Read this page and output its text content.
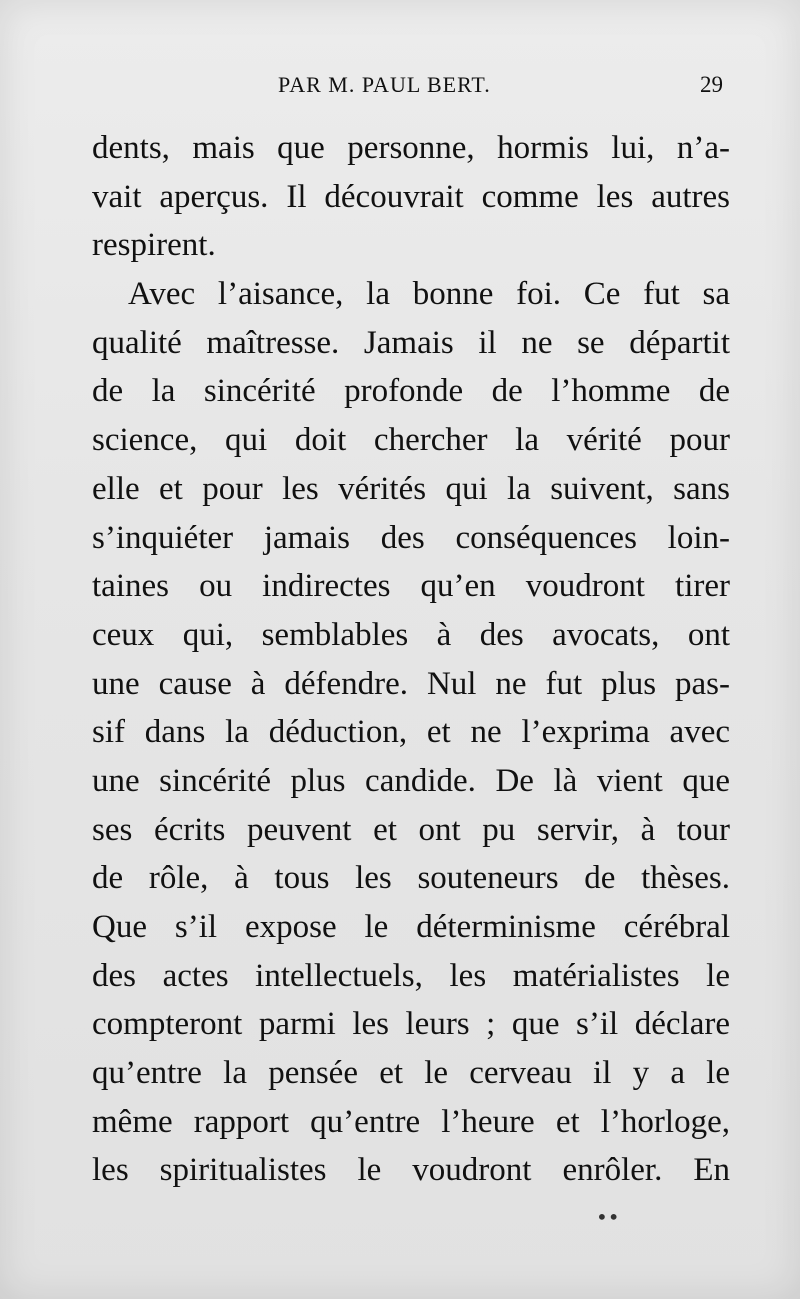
PAR M. PAUL BERT.	29
dents, mais que personne, hormis lui, n’a-
vait aperçus. Il découvrait comme les autres
respirent.
Avec l’aisance, la bonne foi. Ce fut sa
qualité maîtresse. Jamais il ne se départit
de la sincérité profonde de l’homme de
science, qui doit chercher la vérité pour
elle et pour les vérités qui la suivent, sans
s’inquiéter jamais des conséquences loin-
taines ou indirectes qu’en voudront tirer
ceux qui, semblables à des avocats, ont
une cause à défendre. Nul ne fut plus pas-
sif dans la déduction, et ne l’exprima avec
une sincérité plus candide. De là vient que
ses écrits peuvent et ont pu servir, à tour
de rôle, à tous les souteneurs de thèses.
Que s’il expose le déterminisme cérébral
des actes intellectuels, les matérialistes le
compteront parmi les leurs ; que s’il déclare
qu’entre la pensée et le cerveau il y a le
même rapport qu’entre l’heure et l’horloge,
les spiritualistes le voudront enrôler. En
••
